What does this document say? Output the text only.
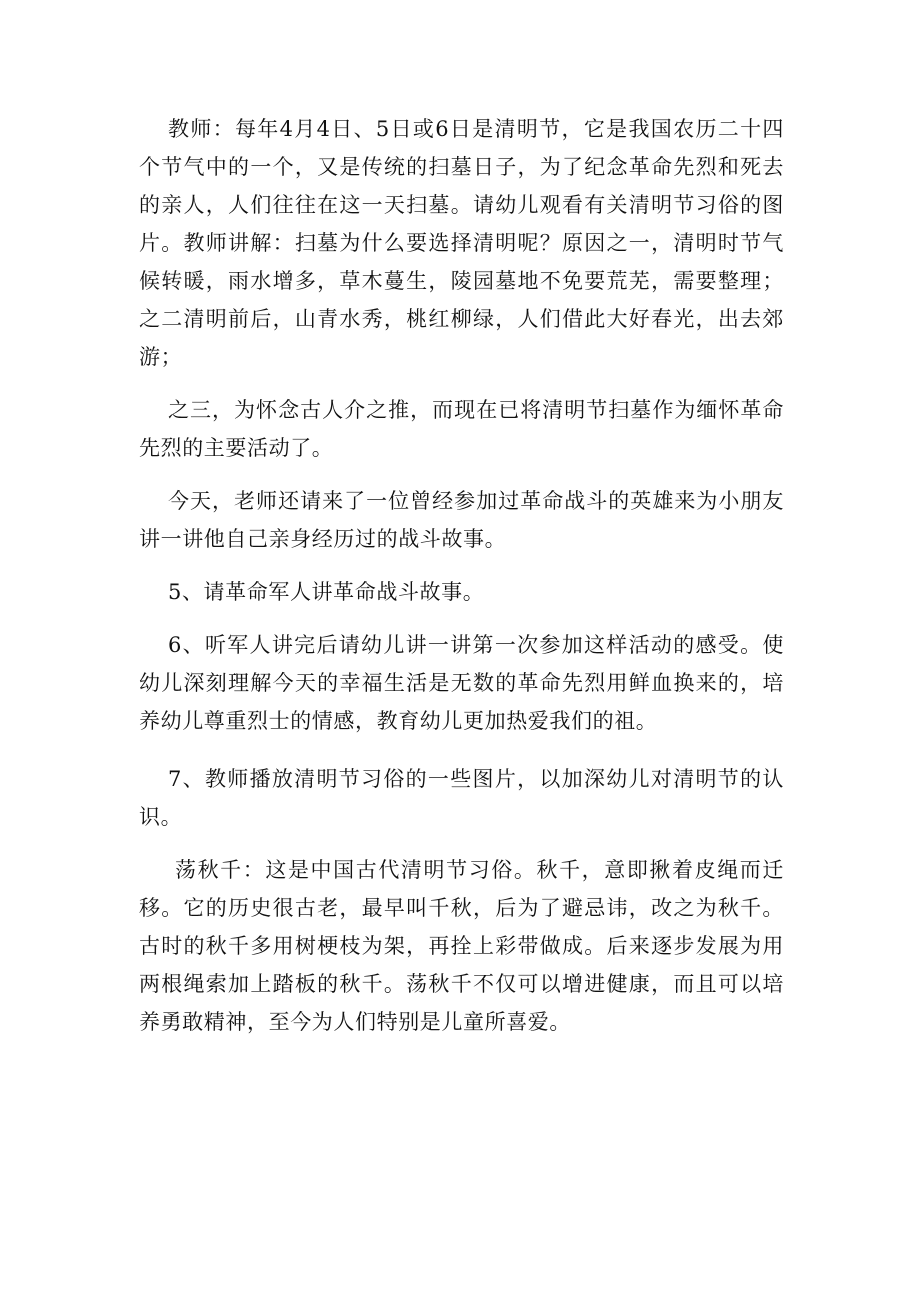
教师：每年4月4日、5日或6日是清明节，它是我国农历二十四个节气中的一个，又是传统的扫墓日子，为了纪念革命先烈和死去的亲人，人们往往在这一天扫墓。请幼儿观看有关清明节习俗的图片。教师讲解：扫墓为什么要选择清明呢？原因之一，清明时节气候转暖，雨水增多，草木蔓生，陵园墓地不免要荒芜，需要整理；之二清明前后，山青水秀，桃红柳绿，人们借此大好春光，出去郊游；

之三，为怀念古人介之推，而现在已将清明节扫墓作为缅怀革命先烈的主要活动了。

今天，老师还请来了一位曾经参加过革命战斗的英雄来为小朋友讲一讲他自己亲身经历过的战斗故事。

5、请革命军人讲革命战斗故事。

6、听军人讲完后请幼儿讲一讲第一次参加这样活动的感受。使幼儿深刻理解今天的幸福生活是无数的革命先烈用鲜血换来的，培养幼儿尊重烈士的情感，教育幼儿更加热爱我们的祖。

7、教师播放清明节习俗的一些图片，以加深幼儿对清明节的认识。

荡秋千：这是中国古代清明节习俗。秋千，意即揪着皮绳而迁移。它的历史很古老，最早叫千秋，后为了避忌讳，改之为秋千。古时的秋千多用树梗枝为架，再拴上彩带做成。后来逐步发展为用两根绳索加上踏板的秋千。荡秋千不仅可以增进健康，而且可以培养勇敢精神，至今为人们特别是儿童所喜爱。
